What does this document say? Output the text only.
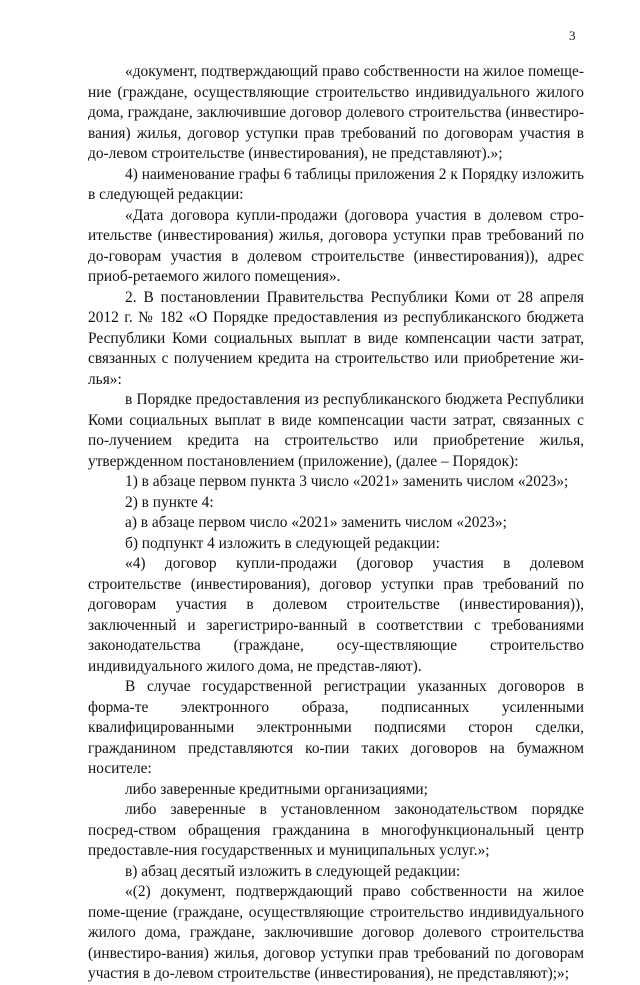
3

«документ, подтверждающий право собственности на жилое помеще-ние (граждане, осуществляющие строительство индивидуального жилого дома, граждане, заключившие договор долевого строительства (инвестиро-вания) жилья, договор уступки прав требований по договорам участия в до-левом строительстве (инвестирования), не представляют).»;

4) наименование графы 6 таблицы приложения 2 к Порядку изложить в следующей редакции:

«Дата договора купли-продажи (договора участия в долевом стро-ительстве (инвестирования) жилья, договора уступки прав требований по до-говорам участия в долевом строительстве (инвестирования)), адрес приоб-ретаемого жилого помещения».

2. В постановлении Правительства Республики Коми от 28 апреля 2012 г. № 182 «О Порядке предоставления из республиканского бюджета Республики Коми социальных выплат в виде компенсации части затрат, связанных с получением кредита на строительство или приобретение жи-лья»:

в Порядке предоставления из республиканского бюджета Республики Коми социальных выплат в виде компенсации части затрат, связанных с по-лучением кредита на строительство или приобретение жилья, утвержденном постановлением (приложение), (далее – Порядок):

1) в абзаце первом пункта 3 число «2021» заменить числом «2023»;

2) в пункте 4:

а) в абзаце первом число «2021» заменить числом «2023»;

б) подпункт 4 изложить в следующей редакции:

«4) договор купли-продажи (договор участия в долевом строительстве (инвестирования), договор уступки прав требований по договорам участия в долевом строительстве (инвестирования)), заключенный и зарегистриро-ванный в соответствии с требованиями законодательства (граждане, осу-ществляющие строительство индивидуального жилого дома, не представ-ляют).

В случае государственной регистрации указанных договоров в форма-те электронного образа, подписанных усиленными квалифицированными электронными подписями сторон сделки, гражданином представляются ко-пии таких договоров на бумажном носителе:

либо заверенные кредитными организациями;

либо заверенные в установленном законодательством порядке посред-ством обращения гражданина в многофункциональный центр предоставле-ния государственных и муниципальных услуг.»;

в) абзац десятый изложить в следующей редакции:

«(2) документ, подтверждающий право собственности на жилое поме-щение (граждане, осуществляющие строительство индивидуального жилого дома, граждане, заключившие договор долевого строительства (инвестиро-вания) жилья, договор уступки прав требований по договорам участия в до-левом строительстве (инвестирования), не представляют);»;
